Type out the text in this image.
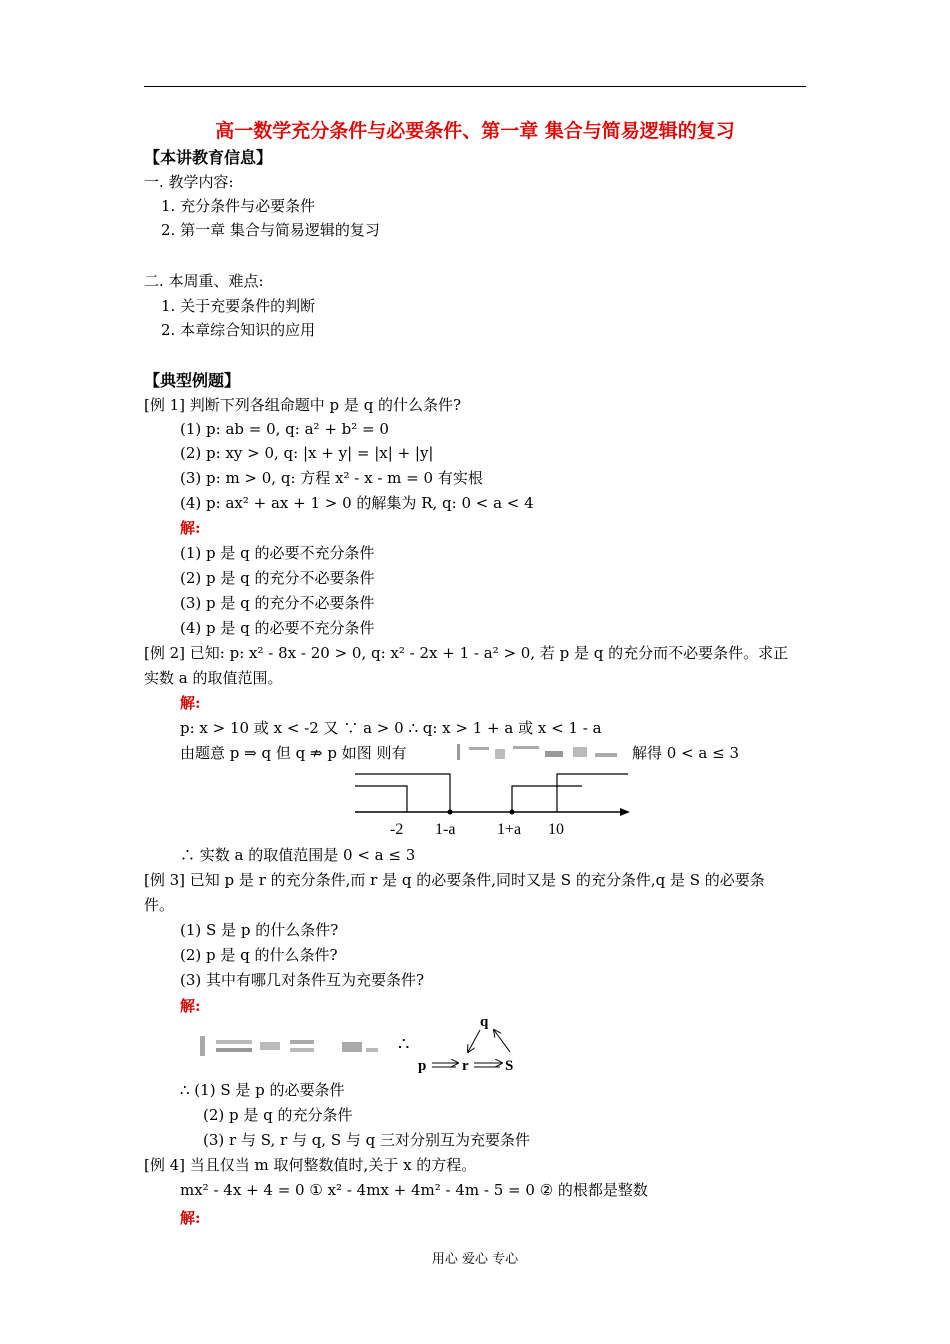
高一数学充分条件与必要条件、第一章 集合与简易逻辑的复习
【本讲教育信息】
一. 教学内容:
1. 充分条件与必要条件
2. 第一章 集合与简易逻辑的复习
二. 本周重、难点:
1. 关于充要条件的判断
2. 本章综合知识的应用
【典型例题】
[例 1] 判断下列各组命题中 p 是 q 的什么条件?
(1) p: ab = 0, q: a² + b² = 0
(2) p: xy > 0, q: |x + y| = |x| + |y|
(3) p: m > 0, q: 方程 x² - x - m = 0 有实根
(4) p: ax² + ax + 1 > 0 的解集为 R, q: 0 < a < 4
解:
(1) p 是 q 的必要不充分条件
(2) p 是 q 的充分不必要条件
(3) p 是 q 的充分不必要条件
(4) p 是 q 的必要不充分条件
[例 2] 已知: p: x² - 8x - 20 > 0, q: x² - 2x + 1 - a² > 0, 若 p 是 q 的充分而不必要条件。求正
实数 a 的取值范围。
解:
p: x > 10 或 x < -2 又 ∵ a > 0 ∴ q: x > 1 + a 或 x < 1 - a
由题意 p ⇒ q 但 q ⇏ p 如图 则有	解得 0 < a ≤ 3
-2 1-a	1+a 10
∴ 实数 a 的取值范围是 0 < a ≤ 3
[例 3] 已知 p 是 r 的充分条件,而 r 是 q 的必要条件,同时又是 S 的充分条件,q 是 S 的必要条
件。
(1) S 是 p 的什么条件?
(2) p 是 q 的什么条件?
(3) 其中有哪几对条件互为充要条件?
解:
∴
q
p r S
∴ (1) S 是 p 的必要条件
(2) p 是 q 的充分条件
(3) r 与 S, r 与 q, S 与 q 三对分别互为充要条件
[例 4] 当且仅当 m 取何整数值时,关于 x 的方程。
mx² - 4x + 4 = 0 ① x² - 4mx + 4m² - 4m - 5 = 0 ② 的根都是整数
解:
用心 爱心 专心
